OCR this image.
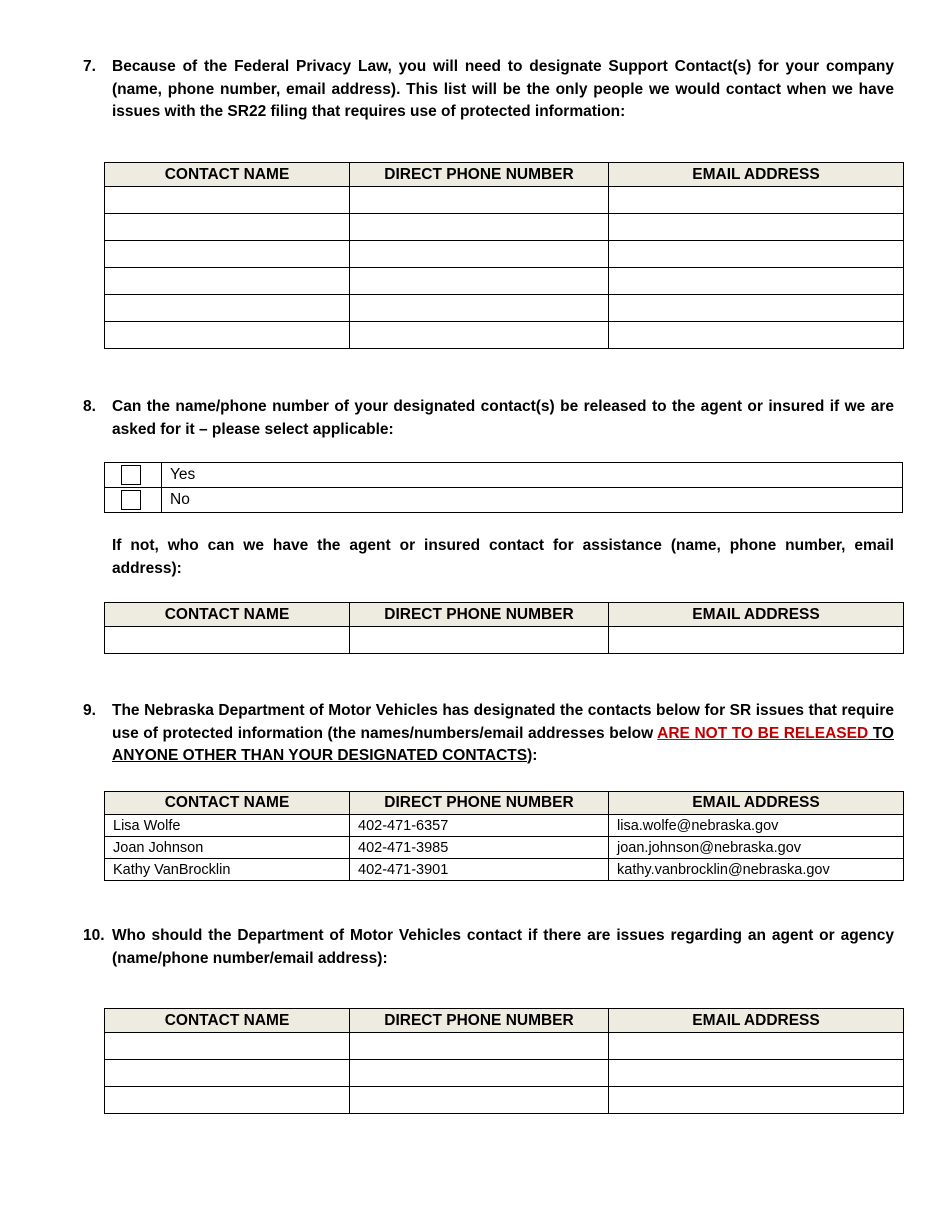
7. Because of the Federal Privacy Law, you will need to designate Support Contact(s) for your company (name, phone number, email address). This list will be the only people we would contact when we have issues with the SR22 filing that requires use of protected information:
CONTACT NAME	DIRECT PHONE NUMBER	EMAIL ADDRESS

8. Can the name/phone number of your designated contact(s) be released to the agent or insured if we are asked for it – please select applicable:
	Yes

	No
If not, who can we have the agent or insured contact for assistance (name, phone number, email address):
CONTACT NAME	DIRECT PHONE NUMBER	EMAIL ADDRESS

9. The Nebraska Department of Motor Vehicles has designated the contacts below for SR issues that require use of protected information (the names/numbers/email addresses below ARE NOT TO BE RELEASED TO ANYONE OTHER THAN YOUR DESIGNATED CONTACTS):
CONTACT NAME	DIRECT PHONE NUMBER	EMAIL ADDRESS
Lisa Wolfe	402-471-6357	lisa.wolfe@nebraska.gov
Joan Johnson	402-471-3985	joan.johnson@nebraska.gov
Kathy VanBrocklin	402-471-3901	kathy.vanbrocklin@nebraska.gov
10. Who should the Department of Motor Vehicles contact if there are issues regarding an agent or agency (name/phone number/email address):
CONTACT NAME	DIRECT PHONE NUMBER	EMAIL ADDRESS
